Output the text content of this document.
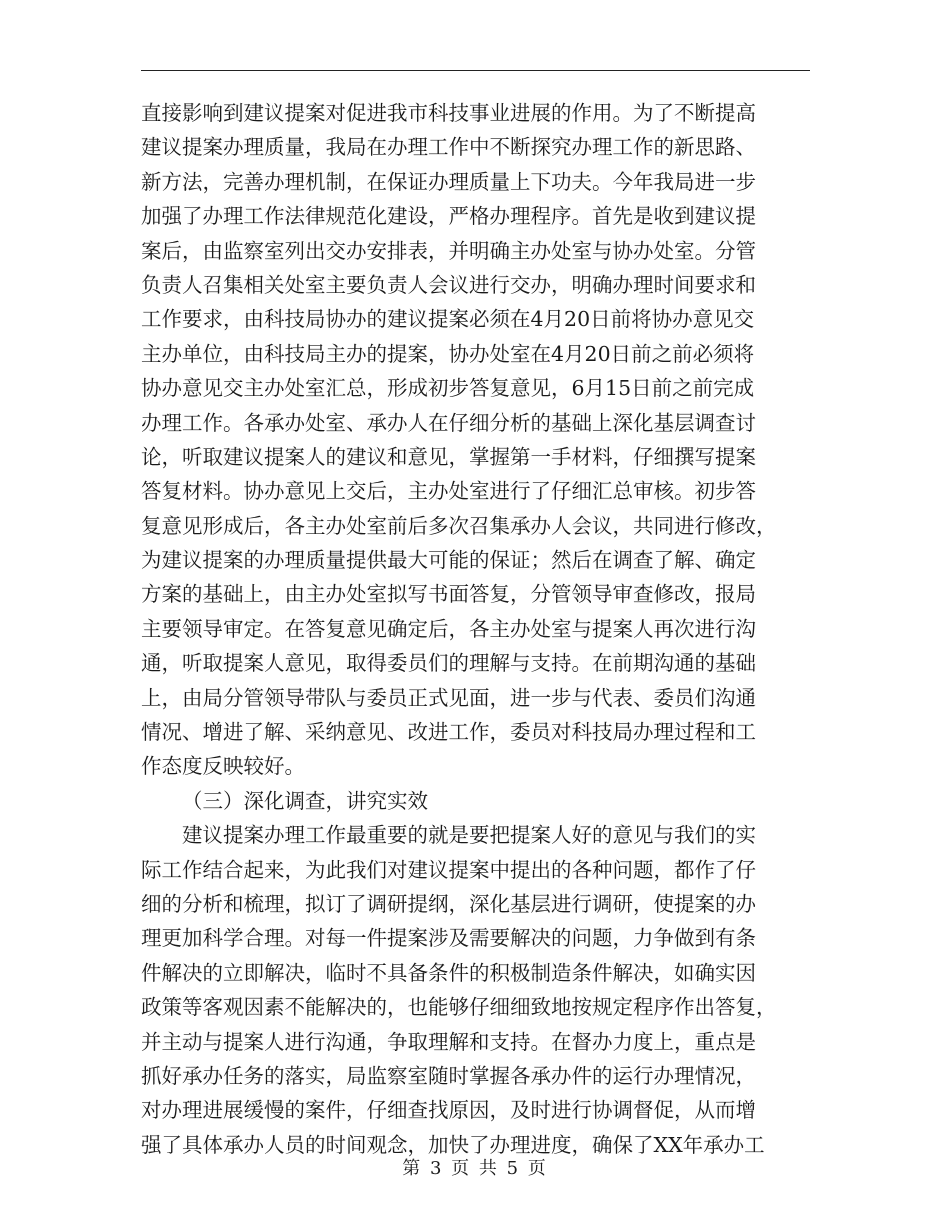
直接影响到建议提案对促进我市科技事业进展的作用。为了不断提高
建议提案办理质量，我局在办理工作中不断探究办理工作的新思路、
新方法，完善办理机制，在保证办理质量上下功夫。今年我局进一步
加强了办理工作法律规范化建设，严格办理程序。首先是收到建议提
案后，由监察室列出交办安排表，并明确主办处室与协办处室。分管
负责人召集相关处室主要负责人会议进行交办，明确办理时间要求和
工作要求，由科技局协办的建议提案必须在4月20日前将协办意见交
主办单位，由科技局主办的提案，协办处室在4月20日前之前必须将
协办意见交主办处室汇总，形成初步答复意见，6月15日前之前完成
办理工作。各承办处室、承办人在仔细分析的基础上深化基层调查讨
论，听取建议提案人的建议和意见，掌握第一手材料，仔细撰写提案
答复材料。协办意见上交后，主办处室进行了仔细汇总审核。初步答
复意见形成后，各主办处室前后多次召集承办人会议，共同进行修改，
为建议提案的办理质量提供最大可能的保证；然后在调查了解、确定
方案的基础上，由主办处室拟写书面答复，分管领导审查修改，报局
主要领导审定。在答复意见确定后，各主办处室与提案人再次进行沟
通，听取提案人意见，取得委员们的理解与支持。在前期沟通的基础
上，由局分管领导带队与委员正式见面，进一步与代表、委员们沟通
情况、增进了解、采纳意见、改进工作，委员对科技局办理过程和工
作态度反映较好。
（三）深化调查，讲究实效
建议提案办理工作最重要的就是要把提案人好的意见与我们的实
际工作结合起来，为此我们对建议提案中提出的各种问题，都作了仔
细的分析和梳理，拟订了调研提纲，深化基层进行调研，使提案的办
理更加科学合理。对每一件提案涉及需要解决的问题，力争做到有条
件解决的立即解决，临时不具备条件的积极制造条件解决，如确实因
政策等客观因素不能解决的，也能够仔细细致地按规定程序作出答复，
并主动与提案人进行沟通，争取理解和支持。在督办力度上，重点是
抓好承办任务的落实，局监察室随时掌握各承办件的运行办理情况，
对办理进展缓慢的案件，仔细查找原因，及时进行协调督促，从而增
强了具体承办人员的时间观念，加快了办理进度，确保了XX年承办工
第 3 页 共 5 页
